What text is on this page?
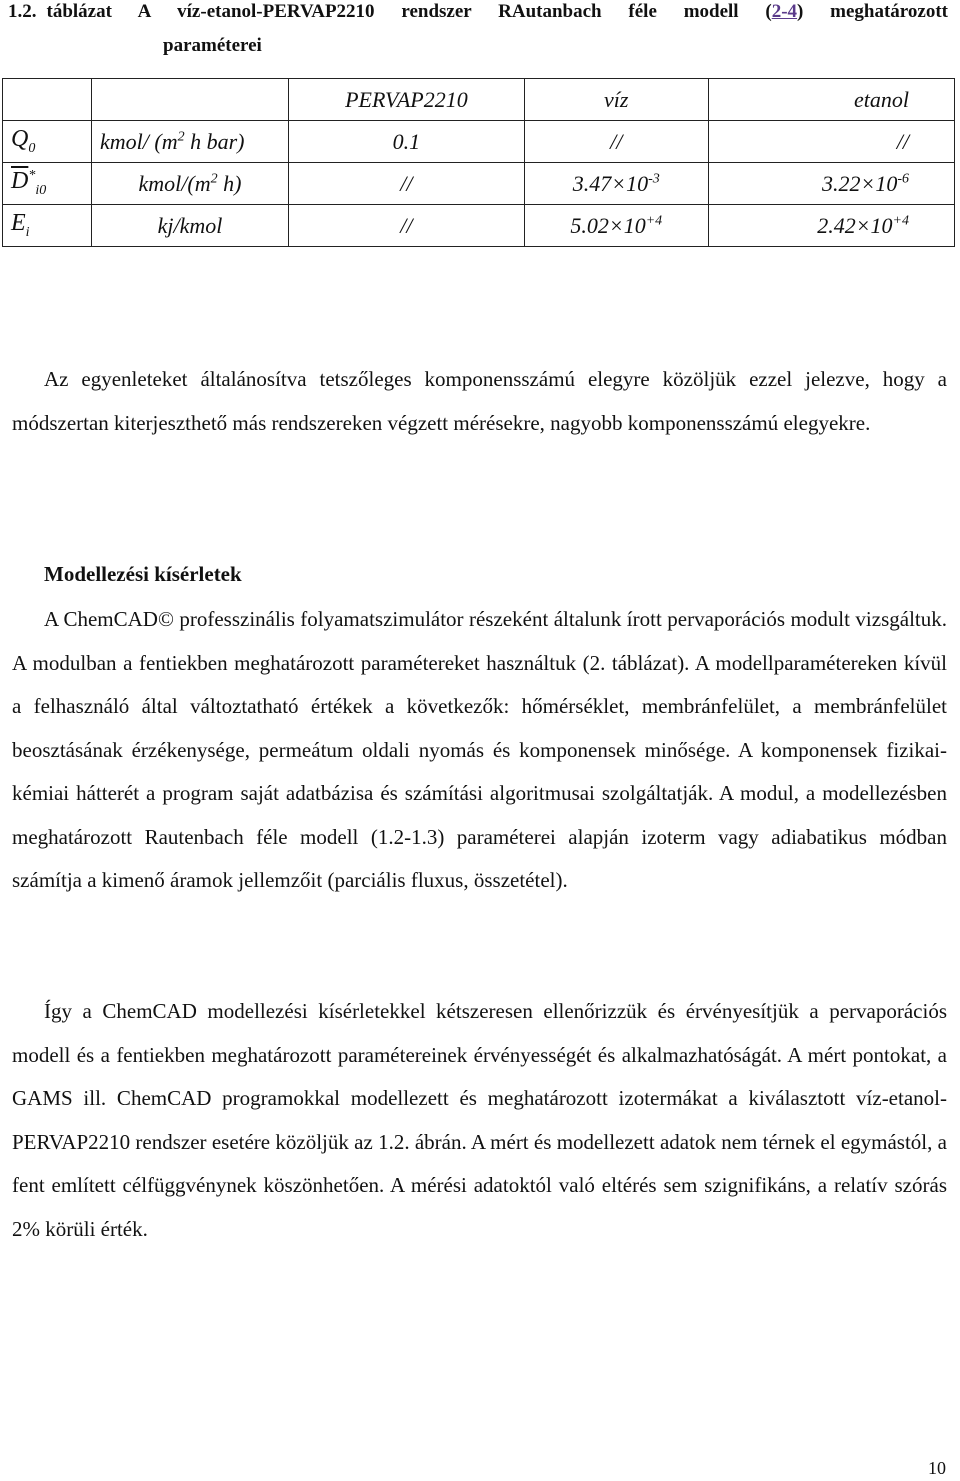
1.2. táblázat A víz-etanol-PERVAP2210 rendszer RAutanbach féle modell (2-4) meghatározott
paraméterei
		PERVAP2210	víz	etanol
$Q_0$	kmol/ ($m^2$ h bar)	0.1	//	//
$\overline{D}^*_{i0}$	kmol/($m^2$ h)	//	$3.47\times 10^{-3}$	$3.22\times 10^{-6}$
$E_i$	kj/kmol	//	$5.02\times 10^{+4}$	$2.42\times 10^{+4}$

Az egyenleteket általánosítva tetszőleges komponensszámú elegyre közöljük ezzel jelezve, hogy a módszertan kiterjeszthető más rendszereken végzett mérésekre, nagyobb komponensszámú elegyekre.

Modellezési kísérletek

A ChemCAD© professzinális folyamatszimulátor részeként általunk írott pervaporációs modult vizsgáltuk. A modulban a fentiekben meghatározott paramétereket használtuk (2. táblázat). A modellparamétereken kívül a felhasználó által változtatható értékek a következők: hőmérséklet, membránfelület, a membránfelület beosztásának érzékenysége, permeátum oldali nyomás és komponensek minősége. A komponensek fizikai-kémiai hátterét a program saját adatbázisa és számítási algoritmusai szolgáltatják. A modul, a modellezésben meghatározott Rautenbach féle modell (1.2-1.3) paraméterei alapján izoterm vagy adiabatikus módban számítja a kimenő áramok jellemzőit (parciális fluxus, összetétel).

Így a ChemCAD modellezési kísérletekkel kétszeresen ellenőrizzük és érvényesítjük a pervaporációs modell és a fentiekben meghatározott paramétereinek érvényességét és alkalmazhatóságát. A mért pontokat, a GAMS ill. ChemCAD programokkal modellezett és meghatározott izotermákat a kiválasztott víz-etanol-PERVAP2210 rendszer esetére közöljük az 1.2. ábrán. A mért és modellezett adatok nem térnek el egymástól, a fent említett célfüggvénynek köszönhetően. A mérési adatoktól való eltérés sem szignifikáns, a relatív szórás 2% körüli érték.

10
